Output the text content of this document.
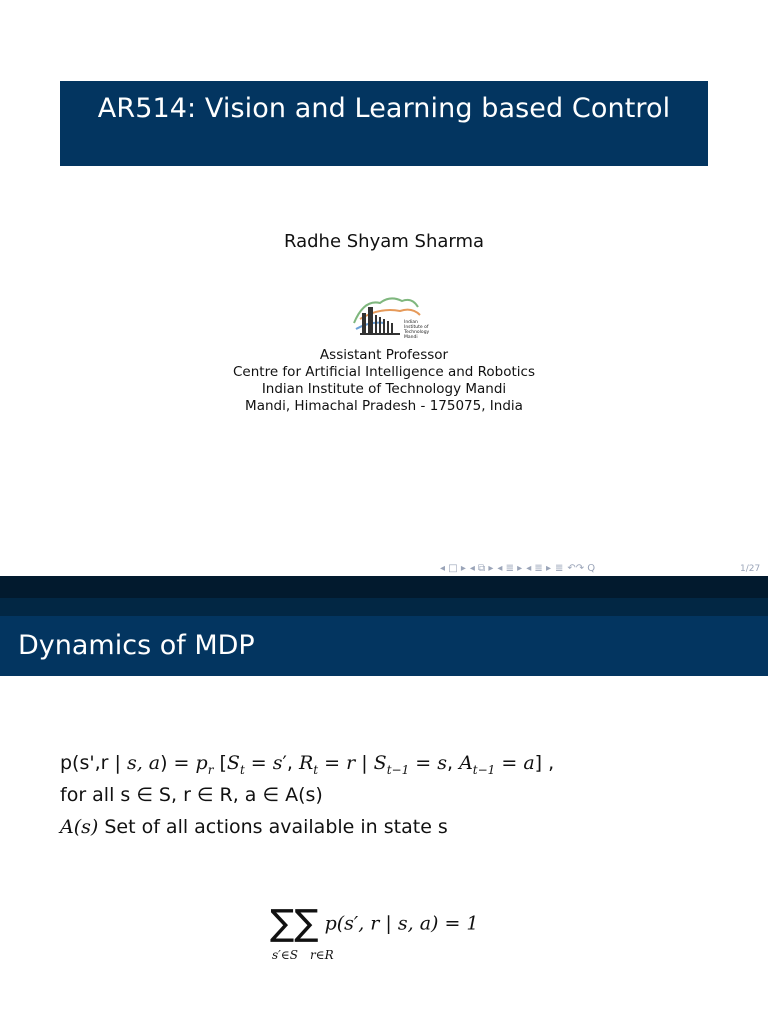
AR514: Vision and Learning based Control
Radhe Shyam Sharma
Indian
Institute of
Technology
Mandi
Assistant Professor
Centre for Artificial Intelligence and Robotics
Indian Institute of Technology Mandi
Mandi, Himachal Pradesh - 175075, India
◂ □ ▸ ◂ ⧉ ▸ ◂ ≣ ▸ ◂ ≣ ▸ ≣ ↶↷ Q	1/27
Dynamics of MDP
p(s',r | s, $a) = p_r$ [$S_t = s'$, $R_t = r$ | $S_{t-1} = s$, $A_{t-1} = a$] ,
for all s ∈ S, r ∈ R, a ∈ A(s)
A(s) Set of all actions available in state s
∑∑ p(s′, r | s, a) = 1
s′∈S r∈R
